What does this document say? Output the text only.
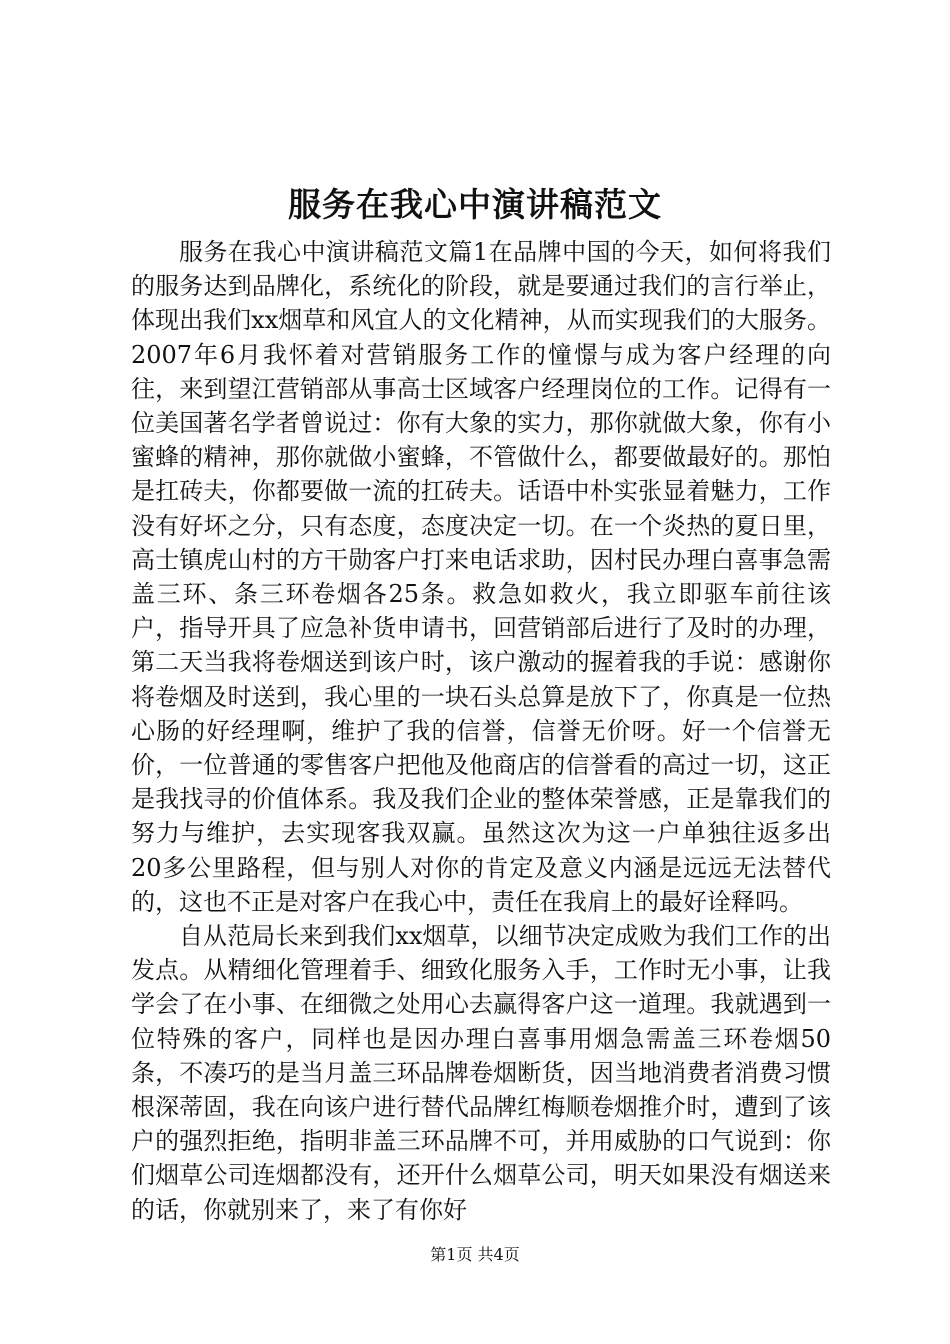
服务在我心中演讲稿范文

服务在我心中演讲稿范文篇1在品牌中国的今天，如何将我们的服务达到品牌化，系统化的阶段，就是要通过我们的言行举止，体现出我们xx烟草和风宜人的文化精神，从而实现我们的大服务。2007年6月我怀着对营销服务工作的憧憬与成为客户经理的向往，来到望江营销部从事高士区域客户经理岗位的工作。记得有一位美国著名学者曾说过：你有大象的实力，那你就做大象，你有小蜜蜂的精神，那你就做小蜜蜂，不管做什么，都要做最好的。那怕是扛砖夫，你都要做一流的扛砖夫。话语中朴实张显着魅力，工作没有好坏之分，只有态度，态度决定一切。在一个炎热的夏日里，高士镇虎山村的方干勋客户打来电话求助，因村民办理白喜事急需盖三环、条三环卷烟各25条。救急如救火，我立即驱车前往该户，指导开具了应急补货申请书，回营销部后进行了及时的办理，第二天当我将卷烟送到该户时，该户激动的握着我的手说：感谢你将卷烟及时送到，我心里的一块石头总算是放下了，你真是一位热心肠的好经理啊，维护了我的信誉，信誉无价呀。好一个信誉无价，一位普通的零售客户把他及他商店的信誉看的高过一切，这正是我找寻的价值体系。我及我们企业的整体荣誉感，正是靠我们的努力与维护，去实现客我双赢。虽然这次为这一户单独往返多出20多公里路程，但与别人对你的肯定及意义内涵是远远无法替代的，这也不正是对客户在我心中，责任在我肩上的最好诠释吗。

自从范局长来到我们xx烟草，以细节决定成败为我们工作的出发点。从精细化管理着手、细致化服务入手，工作时无小事，让我学会了在小事、在细微之处用心去赢得客户这一道理。我就遇到一位特殊的客户，同样也是因办理白喜事用烟急需盖三环卷烟50条，不凑巧的是当月盖三环品牌卷烟断货，因当地消费者消费习惯根深蒂固，我在向该户进行替代品牌红梅顺卷烟推介时，遭到了该户的强烈拒绝，指明非盖三环品牌不可，并用威胁的口气说到：你们烟草公司连烟都没有，还开什么烟草公司，明天如果没有烟送来的话，你就别来了，来了有你好

第1页 共4页
